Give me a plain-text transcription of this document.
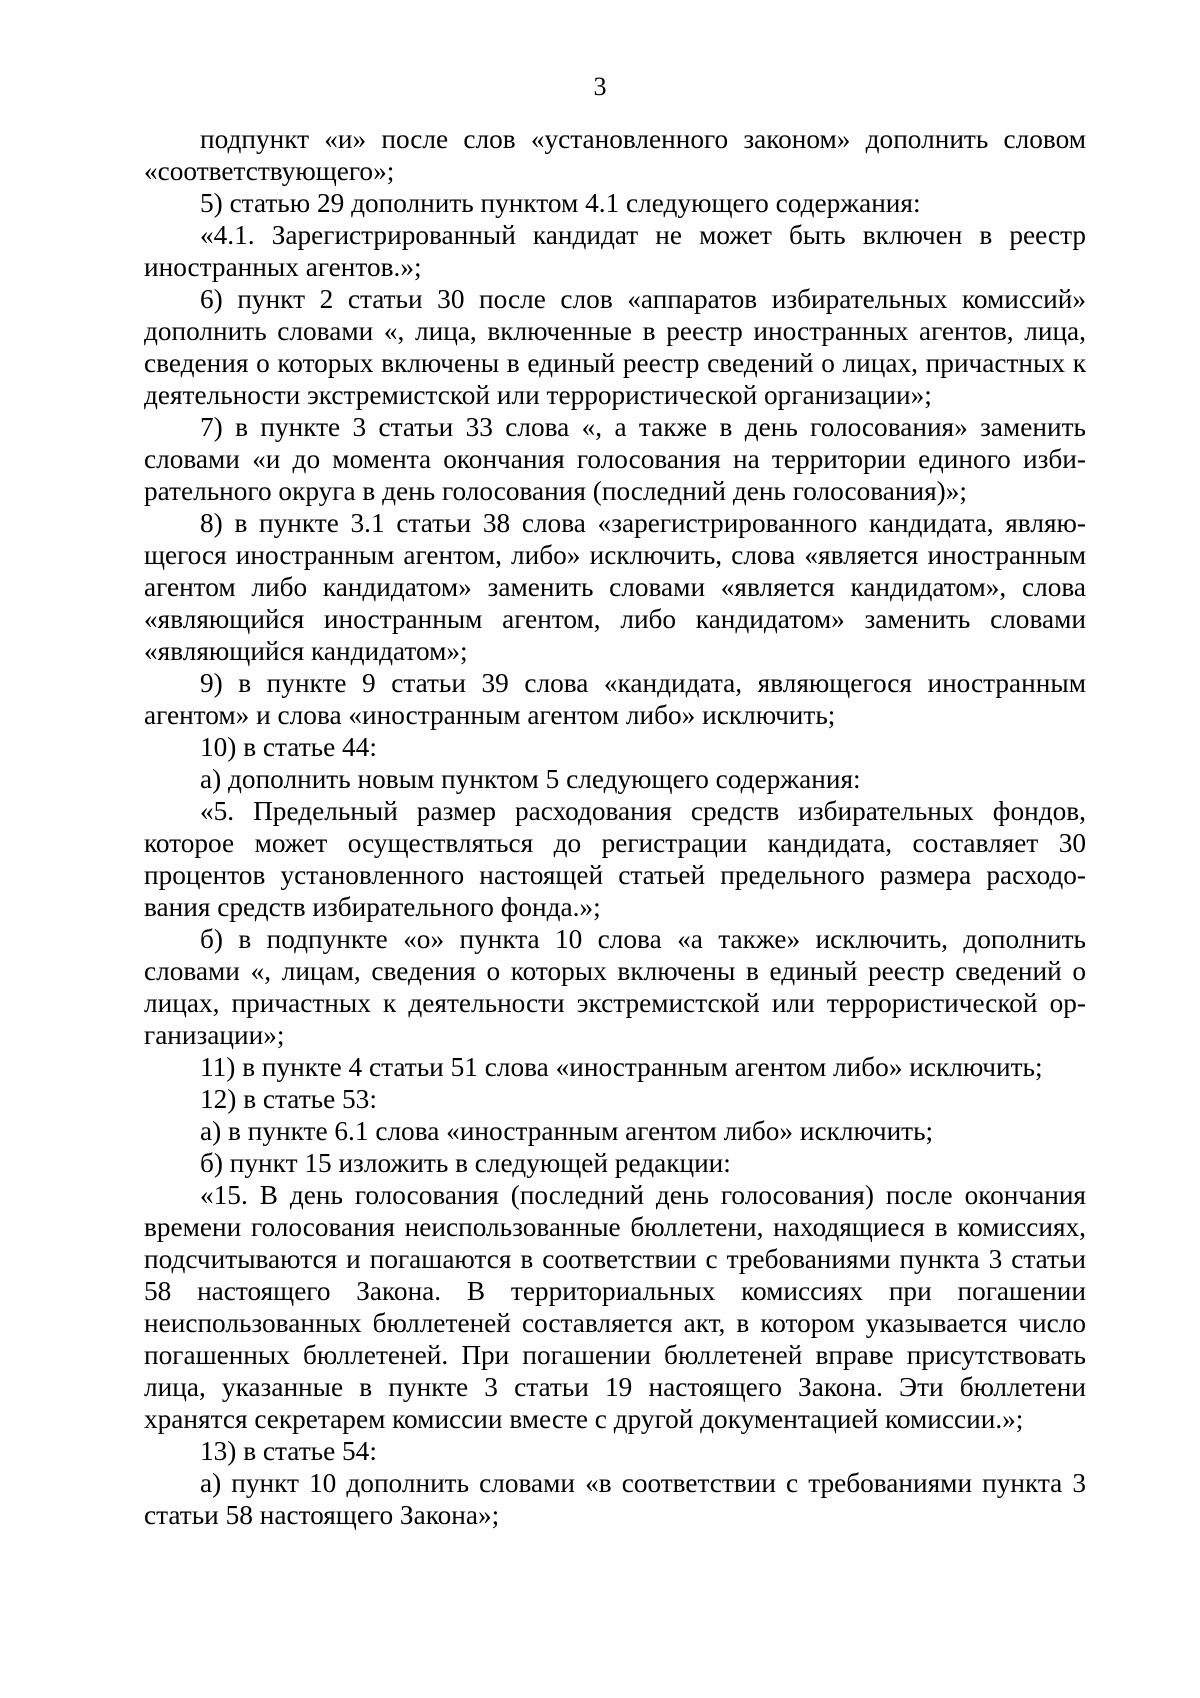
3

подпункт «и» после слов «установленного законом» дополнить словом «соответствующего»;

5) статью 29 дополнить пунктом 4.1 следующего содержания:

«4.1. Зарегистрированный кандидат не может быть включен в реестр иностранных агентов.»;

6) пункт 2 статьи 30 после слов «аппаратов избирательных комиссий» дополнить словами «, лица, включенные в реестр иностранных агентов, лица, сведения о которых включены в единый реестр сведений о лицах, причастных к деятельности экстремистской или террористической организации»;

7) в пункте 3 статьи 33 слова «, а также в день голосования» заменить словами «и до момента окончания голосования на территории единого избирательного округа в день голосования (последний день голосования)»;

8) в пункте 3.1 статьи 38 слова «зарегистрированного кандидата, являющегося иностранным агентом, либо» исключить, слова «является иностранным агентом либо кандидатом» заменить словами «является кандидатом», слова «являющийся иностранным агентом, либо кандидатом» заменить словами «являющийся кандидатом»;

9) в пункте 9 статьи 39 слова «кандидата, являющегося иностранным агентом» и слова «иностранным агентом либо» исключить;

10) в статье 44:

а) дополнить новым пунктом 5 следующего содержания:

«5. Предельный размер расходования средств избирательных фондов, которое может осуществляться до регистрации кандидата, составляет 30 процентов установленного настоящей статьей предельного размера расходования средств избирательного фонда.»;

б) в подпункте «о» пункта 10 слова «а также» исключить, дополнить словами «, лицам, сведения о которых включены в единый реестр сведений о лицах, причастных к деятельности экстремистской или террористической организации»;

11) в пункте 4 статьи 51 слова «иностранным агентом либо» исключить;

12) в статье 53:

а) в пункте 6.1 слова «иностранным агентом либо» исключить;

б) пункт 15 изложить в следующей редакции:

«15. В день голосования (последний день голосования) после окончания времени голосования неиспользованные бюллетени, находящиеся в комиссиях, подсчитываются и погашаются в соответствии с требованиями пункта 3 статьи 58 настоящего Закона. В территориальных комиссиях при погашении неиспользованных бюллетеней составляется акт, в котором указывается число погашенных бюллетеней. При погашении бюллетеней вправе присутствовать лица, указанные в пункте 3 статьи 19 настоящего Закона. Эти бюллетени хранятся секретарем комиссии вместе с другой документацией комиссии.»;

13) в статье 54:

а) пункт 10 дополнить словами «в соответствии с требованиями пункта 3 статьи 58 настоящего Закона»;
